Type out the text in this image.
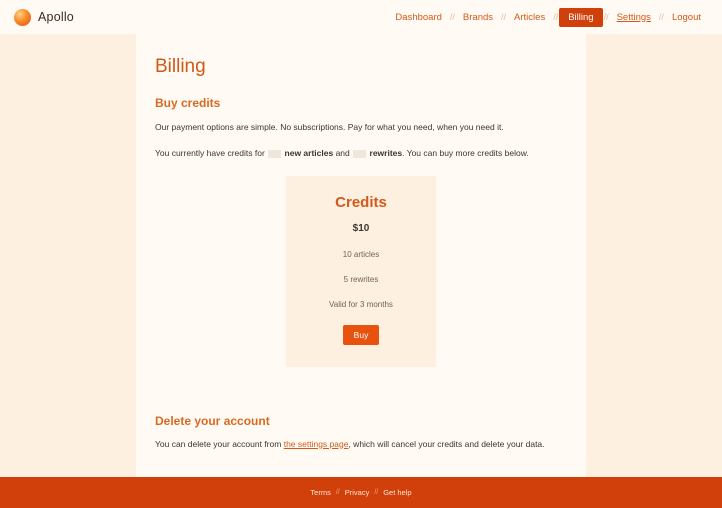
Apollo	Dashboard // Brands // Articles //	Billing	// Settings // Logout
Billing
Buy credits

Our payment options are simple. No subscriptions. Pay for what you need, when you need it.

You currently have credits for new articles and rewrites. You can buy more credits below.

Credits
$10
10 articles
5 rewrites
Valid for 3 months
Buy
Delete your account

You can delete your account from the settings page, which will cancel your credits and delete your data.

Terms // Privacy // Get help
